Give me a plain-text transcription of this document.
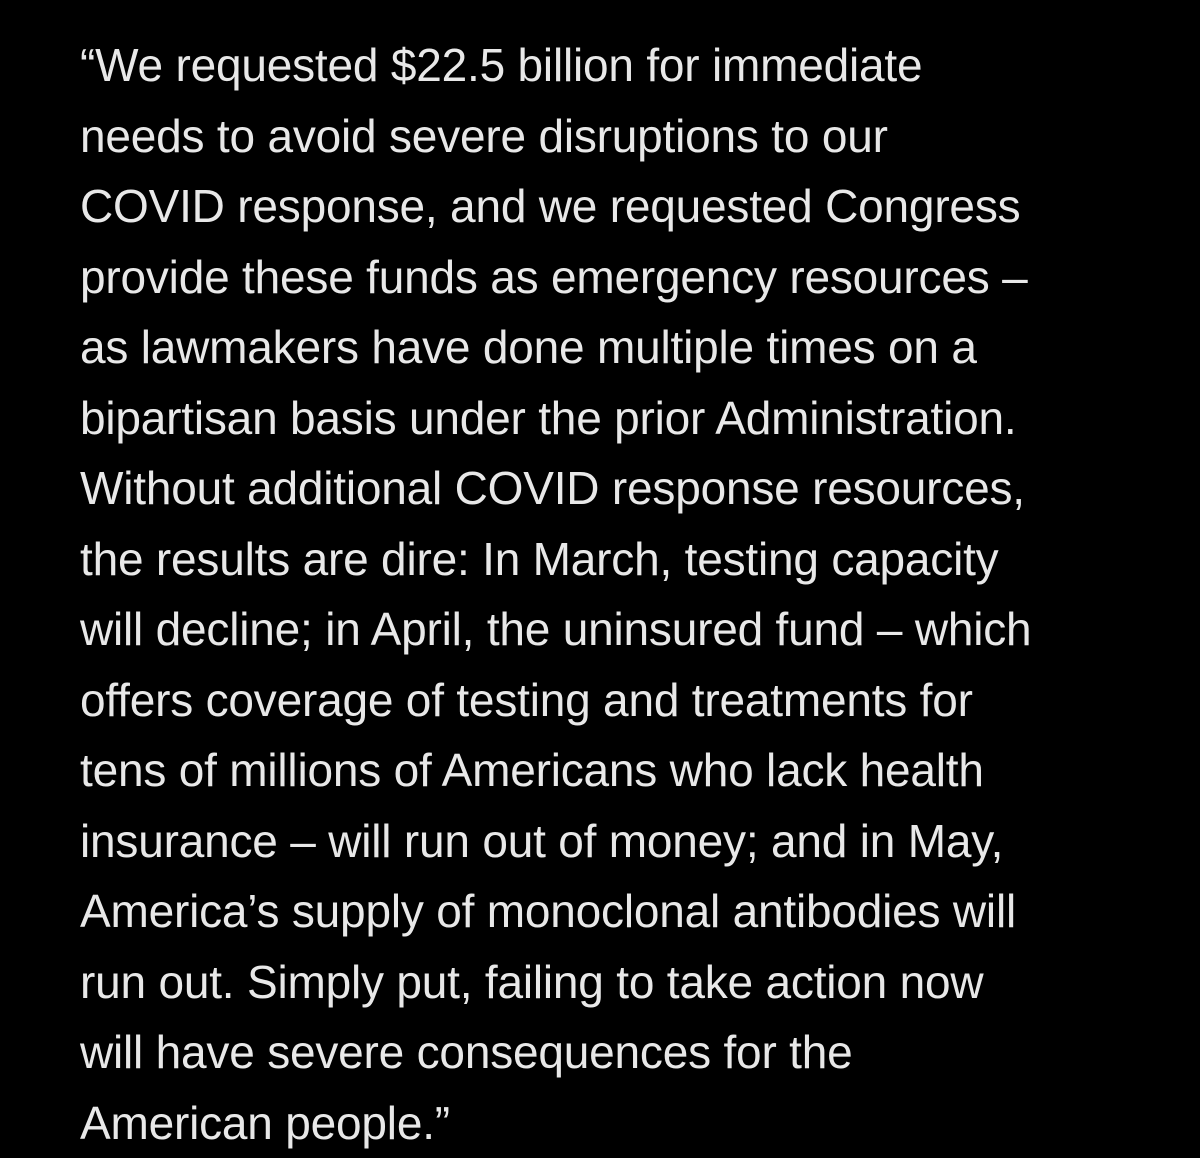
“We requested $22.5 billion for immediate
needs to avoid severe disruptions to our
COVID response, and we requested Congress
provide these funds as emergency resources –
as lawmakers have done multiple times on a
bipartisan basis under the prior Administration.
Without additional COVID response resources,
the results are dire: In March, testing capacity
will decline; in April, the uninsured fund – which
offers coverage of testing and treatments for
tens of millions of Americans who lack health
insurance – will run out of money; and in May,
America’s supply of monoclonal antibodies will
run out. Simply put, failing to take action now
will have severe consequences for the
American people.”
